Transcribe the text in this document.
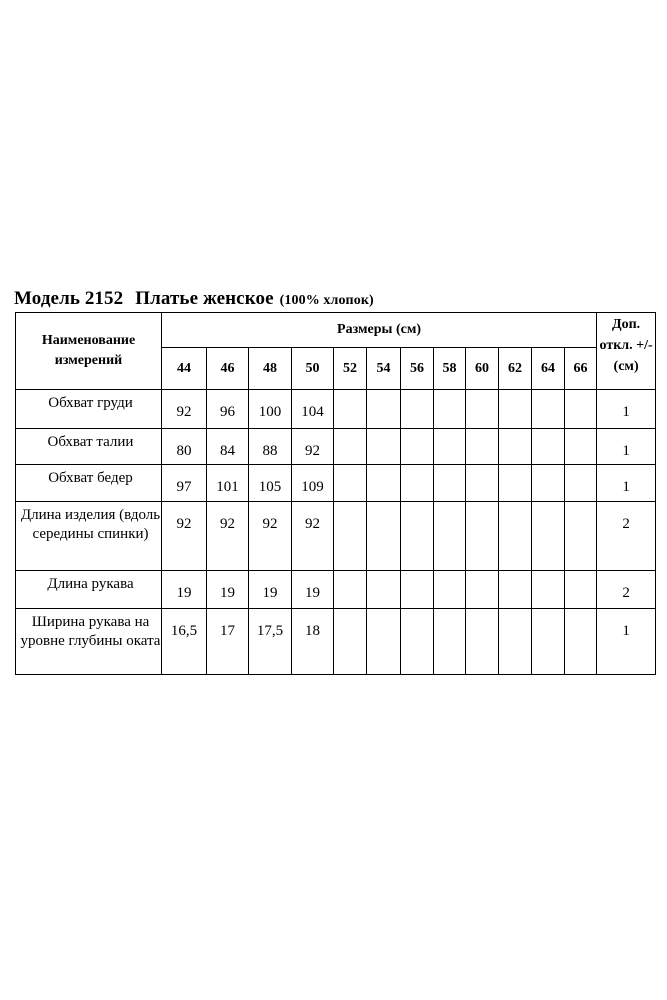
Модель 2152 Платье женское (100% хлопок)
Наименование измерений	Размеры (см)												Доп. откл. +/- (см)
	44	46	48	50	52	54	56	58	60	62	64	66	
Обхват груди	92	96	100	104									1
Обхват талии	80	84	88	92									1
Обхват бедер	97	101	105	109									1
Длина изделия (вдоль середины спинки)	92	92	92	92									2
Длина рукава	19	19	19	19									2
Ширина рукава на уровне глубины оката	16,5	17	17,5	18									1
